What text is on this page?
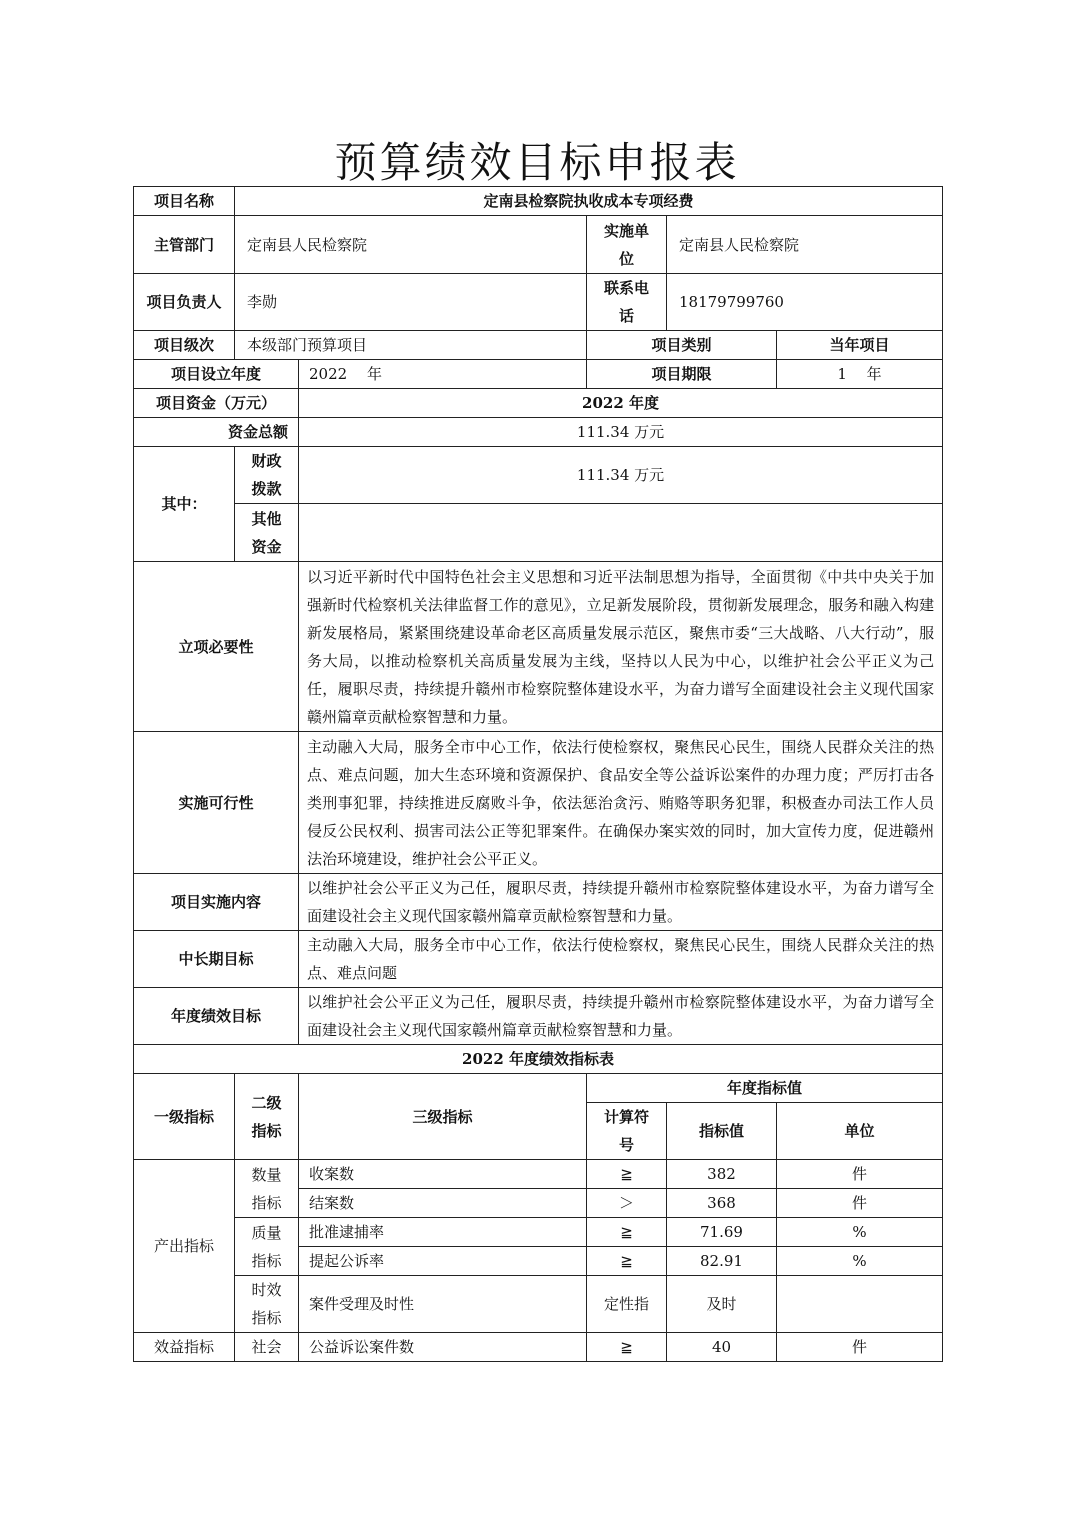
预算绩效目标申报表
项目名称	定南县检察院执收成本专项经费				
主管部门	定南县人民检察院		实施单位	定南县人民检察院	
项目负责人	李勋		联系电话	18179799760	
项目级次	本级部门预算项目		项目类别		当年项目
项目设立年度		2022　 年	项目期限		1　 年
项目资金（万元）		2022 年度			
资金总额		111.34 万元			
其中：	财政拨款	111.34 万元			
	其他资金				
立项必要性		以习近平新时代中国特色社会主义思想和习近平法制思想为指导，全面贯彻《中共中央关于加强新时代检察机关法律监督工作的意见》，立足新发展阶段，贯彻新发展理念，服务和融入构建新发展格局，紧紧围绕建设革命老区高质量发展示范区，聚焦市委“三大战略、八大行动”，服务大局，以推动检察机关高质量发展为主线，坚持以人民为中心，以维护社会公平正义为己任，履职尽责，持续提升赣州市检察院整体建设水平，为奋力谱写全面建设社会主义现代国家赣州篇章贡献检察智慧和力量。			
实施可行性		主动融入大局，服务全市中心工作，依法行使检察权，聚焦民心民生，围绕人民群众关注的热点、难点问题，加大生态环境和资源保护、食品安全等公益诉讼案件的办理力度；严厉打击各类刑事犯罪，持续推进反腐败斗争，依法惩治贪污、贿赂等职务犯罪，积极查办司法工作人员侵反公民权利、损害司法公正等犯罪案件。在确保办案实效的同时，加大宣传力度，促进赣州法治环境建设，维护社会公平正义。			
项目实施内容		以维护社会公平正义为己任，履职尽责，持续提升赣州市检察院整体建设水平，为奋力谱写全面建设社会主义现代国家赣州篇章贡献检察智慧和力量。			
中长期目标		主动融入大局，服务全市中心工作，依法行使检察权，聚焦民心民生，围绕人民群众关注的热点、难点问题			
年度绩效目标		以维护社会公平正义为己任，履职尽责，持续提升赣州市检察院整体建设水平，为奋力谱写全面建设社会主义现代国家赣州篇章贡献检察智慧和力量。			
2022 年度绩效指标表					
一级指标	二级指标	三级指标	年度指标值		
			计算符号	指标值	单位
产出指标	数量指标	收案数	≧	382	件
		结案数	＞	368	件
	质量指标	批准逮捕率	≧	71.69	%
		提起公诉率	≧	82.91	%
	时效指标	案件受理及时性	定性指	及时	
效益指标	社会	公益诉讼案件数	≧	40	件
